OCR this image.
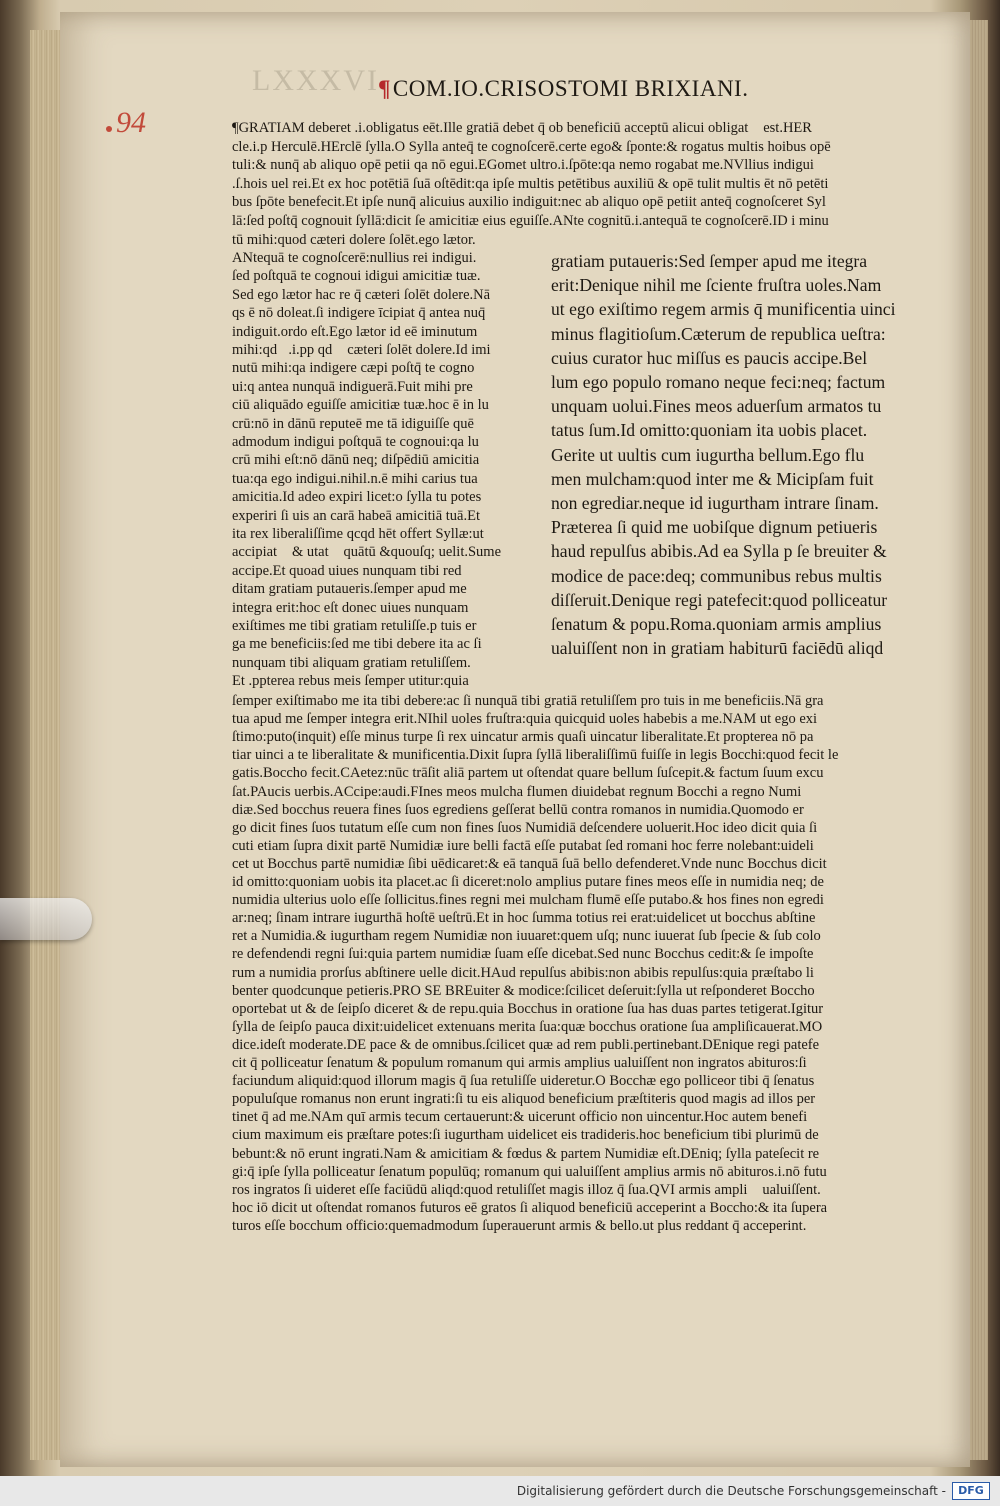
LXXXVI ¶COM.IO.CRISOSTOMI BRIXIANI.
94	¶GRATIAM deberet .i.obligatus eēt.Ille gratiā debet q̄ ob beneficiū acceptū alicui obligat᷑ est.HER
cle.i.p Herculē.HErclē ſylla.O Sylla anteq̄ te cognoſcerē.certe ego& ſponte:& rogatus multis hoibus opē
tuli:& nunq̄ ab aliquo opē petii qa nō egui.EGomet ultro.i.ſpōte:qa nemo rogabat me.NVllius indigui
.ſ.hois uel rei.Et ex hoc potētiā ſuā oſtēdit:qa ipſe multis petētibus auxiliū & opē tulit multis ēt nō petēti
bus ſpōte benefecit.Et ipſe nunq̄ alicuius auxilio indiguit:nec ab aliquo opē petiit anteq̄ cognoſceret Syl
lā:ſed poſtq̄ cognouit ſyllā:dicit ſe amicitiæ eius eguiſſe.ANte cognitū.i.antequā te cognoſcerē.ID i minu
tū mihi:quod cæteri dolere ſolēt.ego lætor.
ANtequā te cognoſcerē:nullius rei indigui.
ſed poſtquā te cognoui idigui amicitiæ tuæ.
Sed ego lætor hac re q̄ cæteri ſolēt dolere.Nā
qs ē nō doleat.ſi indigere īcipiat q̄ antea nuq̄
indiguit.ordo eſt.Ego lætor id eē iminutum
mihi:qd᷑.i.pp qd᷑ cæteri ſolēt dolere.Id imi
nutū mihi:qa indigere cæpi poſtq̄ te cogno
ui:q antea nunquā indiguerā.Fuit mihi pre
ciū aliquādo eguiſſe amicitiæ tuæ.hoc ē in lu
crū:nō in dānū reputeē me tā idiguiſſe quē
admodum indigui poſtquā te cognoui:qa lu
crū mihi eſt:nō dānū neq; diſpēdiū amicitia
tua:qa ego indigui.nihil.n.ē mihi carius tua
amicitia.Id adeo expiri licet:o ſylla tu potes
experiri ſi uis an carā habeā amicitiā tuā.Et
ita rex liberaliſſime qcqd hēt offert Syllæ:ut
accipiat᷑ & utat᷑ quātū &quouſq; uelit.Sume
accipe.Et quoad uiues nunquam tibi red
ditam gratiam putaueris.ſemper apud me
integra erit:hoc eſt donec uiues nunquam
exiſtimes me tibi gratiam retuliſſe.p tuis er
ga me beneficiis:ſed me tibi debere ita ac ſi
nunquam tibi aliquam gratiam retuliſſem.
Et .ppterea rebus meis ſemper utitur:quia
gratiam putaueris:Sed ſemper apud me itegra
erit:Denique nihil me ſciente fruſtra uoles.Nam
ut ego exiſtimo regem armis q̄ munificentia uinci
minus flagitioſum.Cæterum de republica ueſtra:
cuius curator huc miſſus es paucis accipe.Bel
lum ego populo romano neque feci:neq; factum
unquam uolui.Fines meos aduerſum armatos tu
tatus ſum.Id omitto:quoniam ita uobis placet.
Gerite ut uultis cum iugurtha bellum.Ego flu
men mulcham:quod inter me & Micipſam fuit
non egrediar.neque id iugurtham intrare ſinam.
Præterea ſi quid me uobiſque dignum petiueris
haud repulſus abibis.Ad ea Sylla p ſe breuiter &
modice de pace:deq; communibus rebus multis
diſſeruit.Denique regi patefecit:quod polliceatur
ſenatum & popu.Roma.quoniam armis amplius
ualuiſſent non in gratiam habiturū faciēdū aliqd
ſemper exiſtimabo me ita tibi debere:ac ſi nunquā tibi gratiā retuliſſem pro tuis in me beneficiis.Nā gra
tua apud me ſemper integra erit.NIhil uoles fruſtra:quia quicquid uoles habebis a me.NAM ut ego exi
ſtimo:puto(inquit) eſſe minus turpe ſi rex uincatur armis quaſi uincatur liberalitate.Et propterea nō pa
tiar uinci a te liberalitate & munificentia.Dixit ſupra ſyllā liberaliſſimū fuiſſe in legis Bocchi:quod fecit le
gatis.Boccho fecit.CAetez:nūc trāſit aliā partem ut oſtendat quare bellum ſuſcepit.& factum ſuum excu
ſat.PAucis uerbis.ACcipe:audi.FInes meos mulcha flumen diuidebat regnum Bocchi a regno Numi
diæ.Sed bocchus reuera fines ſuos egrediens geſſerat bellū contra romanos in numidia.Quomodo er
go dicit fines ſuos tutatum eſſe cum non fines ſuos Numidiā deſcendere uoluerit.Hoc ideo dicit quia ſi
cuti etiam ſupra dixit partē Numidiæ iure belli factā eſſe putabat ſed romani hoc ferre nolebant:uideli
cet ut Bocchus partē numidiæ ſibi uēdicaret:& eā tanquā ſuā bello defenderet.Vnde nunc Bocchus dicit
id omitto:quoniam uobis ita placet.ac ſi diceret:nolo amplius putare fines meos eſſe in numidia neq; de
numidia ulterius uolo eſſe ſollicitus.fines regni mei mulcham flumē eſſe putabo.& hos fines non egredi
ar:neq; ſinam intrare iugurthā hoſtē ueſtrū.Et in hoc ſumma totius rei erat:uidelicet ut bocchus abſtine
ret a Numidia.& iugurtham regem Numidiæ non iuuaret:quem uſq; nunc iuuerat ſub ſpecie & ſub colo
re defendendi regni ſui:quia partem numidiæ ſuam eſſe dicebat.Sed nunc Bocchus cedit:& ſe impoſte
rum a numidia prorſus abſtinere uelle dicit.HAud repulſus abibis:non abibis repulſus:quia præſtabo li
benter quodcunque petieris.PRO SE BREuiter & modice:ſcilicet deſeruit:ſylla ut reſponderet Boccho
oportebat ut & de ſeipſo diceret & de repu.quia Bocchus in oratione ſua has duas partes tetigerat.Igitur
ſylla de ſeipſo pauca dixit:uidelicet extenuans merita ſua:quæ bocchus oratione ſua ampliſicauerat.MO
dice.ideſt moderate.DE pace & de omnibus.ſcilicet quæ ad rem publi.pertinebant.DEnique regi patefe
cit q̄ polliceatur ſenatum & populum romanum qui armis amplius ualuiſſent non ingratos abituros:ſi
faciundum aliquid:quod illorum magis q̄ ſua retuliſſe uideretur.O Bocchæ ego polliceor tibi q̄ ſenatus
populuſque romanus non erunt ingrati:ſi tu eis aliquod beneficium præſtiteris quod magis ad illos per
tinet q̄ ad me.NAm quī armis tecum certauerunt:& uicerunt officio non uincentur.Hoc autem benefi
cium maximum eis præſtare potes:ſi iugurtham uidelicet eis tradideris.hoc beneficium tibi plurimū de
bebunt:& nō erunt ingrati.Nam & amicitiam & fœdus & partem Numidiæ eſt.DEniq; ſylla pateſecit re
gi:q̄ ipſe ſylla polliceatur ſenatum populūq; romanum qui ualuiſſent amplius armis nō abituros.i.nō futu
ros ingratos ſi uideret eſſe faciūdū aliqd:quod retuliſſet magis illoz q̄ ſua.QVI armis ampli᷑ ualuiſſent.
hoc iō dicit ut oſtendat romanos futuros eē gratos ſi aliquod beneficiū acceperint a Boccho:& ita ſupera
turos eſſe bocchum officio:quemadmodum ſuperauerunt armis & bello.ut plus reddant q̄ acceperint.
Digitalisierung gefördert durch die Deutsche Forschungsgemeinschaft -	DFG
